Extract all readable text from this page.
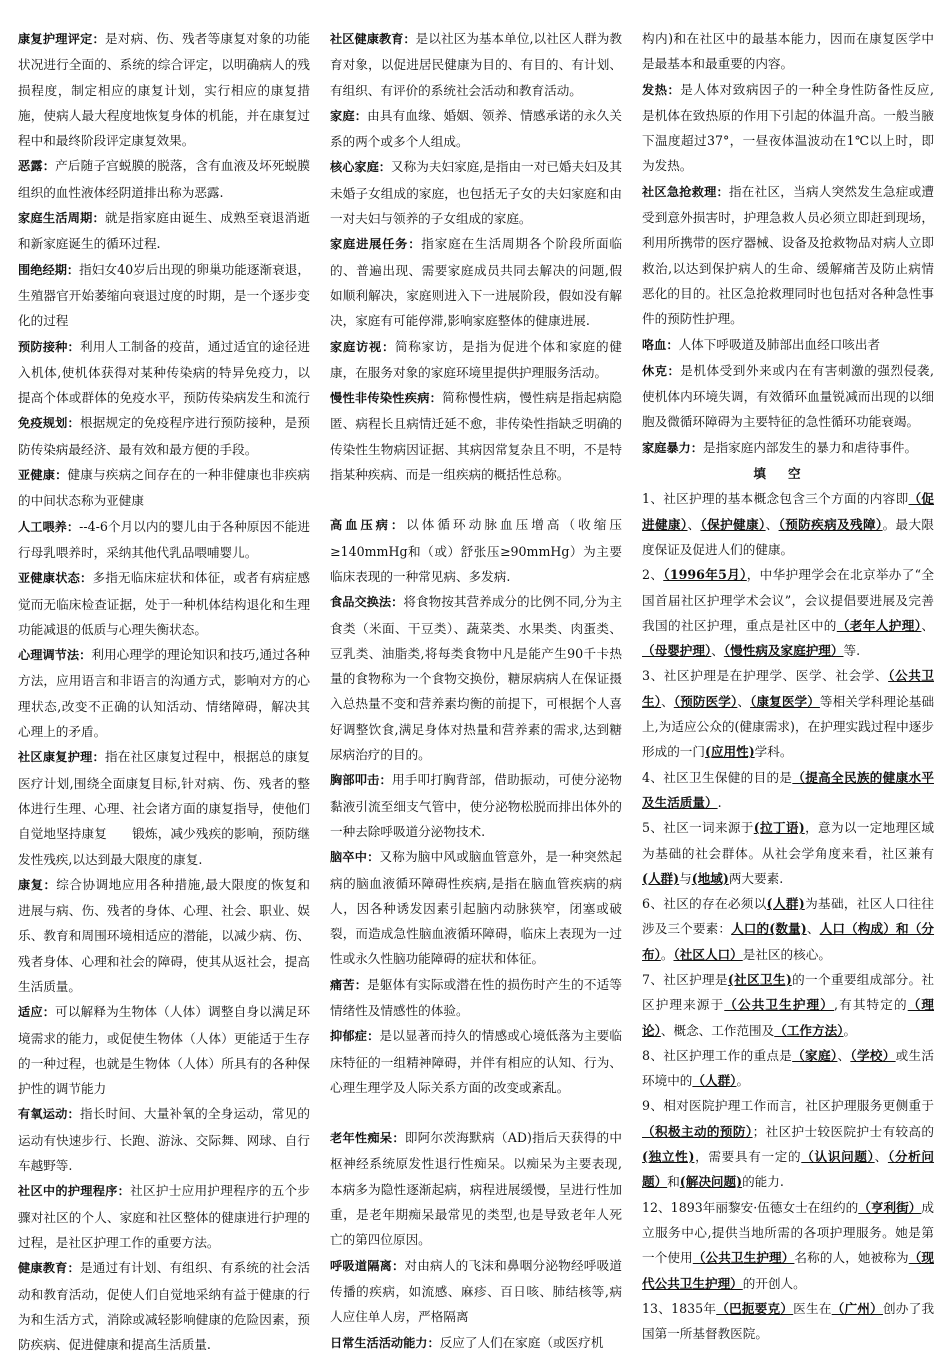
康复护理评定：是对病、伤、残者等康复对象的功能状况进行全面的、系统的综合评定，以明确病人的残损程度，制定相应的康复计划，实行相应的康复措施，使病人最大程度地恢复身体的机能，并在康复过程中和最终阶段评定康复效果。

恶露：产后随子宫蜕膜的脱落，含有血液及坏死蜕膜组织的血性液体经阴道排出称为恶露.

家庭生活周期：就是指家庭由诞生、成熟至衰退消逝和新家庭诞生的循环过程.

围绝经期：指妇女40岁后出现的卵巢功能逐渐衰退，生殖器官开始萎缩向衰退过度的时期，是一个逐步变化的过程

预防接种：利用人工制备的疫苗，通过适宜的途径进入机体,使机体获得对某种传染病的特异免疫力，以提高个体或群体的免疫水平，预防传染病发生和流行免疫规划：根据规定的免疫程序进行预防接种，是预防传染病最经济、最有效和最方便的手段。

亚健康：健康与疾病之间存在的一种非健康也非疾病的中间状态称为亚健康

人工喂养：--4-6个月以内的婴儿由于各种原因不能进行母乳喂养时，采纳其他代乳品喂哺婴儿。

亚健康状态：多指无临床症状和体征，或者有病症感觉而无临床检查证据，处于一种机体结构退化和生理功能减退的低质与心理失衡状态。

心理调节法：利用心理学的理论知识和技巧,通过各种方法，应用语言和非语言的沟通方式，影响对方的心理状态,改变不正确的认知活动、情绪障碍，解决其心理上的矛盾。

社区康复护理：指在社区康复过程中，根据总的康复医疗计划,围绕全面康复目标,针对病、伤、残者的整体进行生理、心理、社会诸方面的康复指导，使他们自觉地坚持康复　　锻炼，减少残疾的影响，预防继发性残疾,以达到最大限度的康复.

康复：综合协调地应用各种措施,最大限度的恢复和进展与病、伤、残者的身体、心理、社会、职业、娱乐、教育和周围环境相适应的潜能，以减少病、伤、残者身体、心理和社会的障碍，使其从返社会，提高生活质量。

适应：可以解释为生物体（人体）调整自身以满足环境需求的能力，或促使生物体（人体）更能适于生存的一种过程，也就是生物体（人体）所具有的各种保护性的调节能力

有氧运动：指长时间、大量补氧的全身运动，常见的运动有快速步行、长跑、游泳、交际舞、网球、自行车越野等.

社区中的护理程序：社区护士应用护理程序的五个步骤对社区的个人、家庭和社区整体的健康进行护理的过程，是社区护理工作的重要方法。

健康教育：是通过有计划、有组织、有系统的社会活动和教育活动，促使人们自觉地采纳有益于健康的行为和生活方式，消除或减轻影响健康的危险因素，预防疾病、促进健康和提高生活质量.

社区健康教育：是以社区为基本单位,以社区人群为教育对象，以促进居民健康为目的、有目的、有计划、有组织、有评价的系统社会活动和教育活动。

家庭：由具有血缘、婚姻、领养、情感承诺的永久关系的两个或多个人组成。

核心家庭：又称为夫妇家庭,是指由一对已婚夫妇及其未婚子女组成的家庭，也包括无子女的夫妇家庭和由一对夫妇与领养的子女组成的家庭。

家庭进展任务：指家庭在生活周期各个阶段所面临的、普遍出现、需要家庭成员共同去解决的问题,假如顺利解决，家庭则进入下一进展阶段，假如没有解决，家庭有可能停滞,影响家庭整体的健康进展.

家庭访视：简称家访，是指为促进个体和家庭的健康，在服务对象的家庭环境里提供护理服务活动。

慢性非传染性疾病：简称慢性病，慢性病是指起病隐匿、病程长且病情迁延不愈，非传染性指缺乏明确的传染性生物病因证据、其病因常复杂且不明，不是特指某种疾病、而是一组疾病的概括性总称。

高血压病：以体循环动脉血压增高（收缩压≥140mmHg和（或）舒张压≥90mmHg）为主要临床表现的一种常见病、多发病.

食品交换法：将食物按其营养成分的比例不同,分为主食类（米面、干豆类）、蔬菜类、水果类、肉蛋类、豆乳类、油脂类,将每类食物中凡是能产生90千卡热量的食物称为一个食物交换份，糖尿病病人在保证摄入总热量不变和营养素均衡的前提下，可根据个人喜好调整饮食,满足身体对热量和营养素的需求,达到糖尿病治疗的目的。

胸部叩击：用手叩打胸背部，借助振动，可使分泌物黏液引流至细支气管中，使分泌物松脱而排出体外的一种去除呼吸道分泌物技术.

脑卒中：又称为脑中风或脑血管意外，是一种突然起病的脑血液循环障碍性疾病,是指在脑血管疾病的病人，因各种诱发因素引起脑内动脉狭窄，闭塞或破裂，而造成急性脑血液循环障碍，临床上表现为一过性或永久性脑功能障碍的症状和体征。

痛苦：是躯体有实际或潜在性的损伤时产生的不适等情绪性及情感性的体验。

抑郁症：是以显著而持久的情感或心境低落为主要临床特征的一组精神障碍，并伴有相应的认知、行为、心理生理学及人际关系方面的改变或紊乱。

老年性痴呆：即阿尔茨海默病（AD)指后天获得的中枢神经系统原发性退行性痴呆。以痴呆为主要表现,本病多为隐性逐渐起病，病程进展缓慢，呈进行性加重，是老年期痴呆最常见的类型,也是导致老年人死亡的第四位原因。

呼吸道隔离：对由病人的飞沫和鼻咽分泌物经呼吸道传播的疾病，如流感、麻疹、百日咳、肺结核等,病人应住单人房，严格隔离

日常生活活动能力：反应了人们在家庭（或医疗机

构内)和在社区中的最基本能力，因而在康复医学中是最基本和最重要的内容。

发热：是人体对致病因子的一种全身性防备性反应,是机体在致热原的作用下引起的体温升高。一般当腋下温度超过37°，一昼夜体温波动在1℃以上时，即为发热。

社区急抢救理：指在社区，当病人突然发生急症或遭受到意外损害时，护理急救人员必须立即赶到现场，利用所携带的医疗器械、设备及抢救物品对病人立即救治,以达到保护病人的生命、缓解痛苦及防止病情恶化的目的。社区急抢救理同时也包括对各种急性事件的预防性护理。

咯血：人体下呼吸道及肺部出血经口咳出者

休克：是机体受到外来或内在有害刺激的强烈侵袭,使机体内环境失调，有效循环血量锐减而出现的以细胞及微循环障碍为主要特征的急性循环功能衰竭。

家庭暴力：是指家庭内部发生的暴力和虐待事件。

填空

1、社区护理的基本概念包含三个方面的内容即（促进健康）、（保护健康）、（预防疾病及残障）。最大限度保证及促进人们的健康。

2、（1996年5月），中华护理学会在北京举办了“全国首届社区护理学术会议”，会议提倡要进展及完善我国的社区护理，重点是社区中的（老年人护理）、（母婴护理）、（慢性病及家庭护理）等.

3、社区护理是在护理学、医学、社会学、（公共卫生）、（预防医学）、（康复医学）等相关学科理论基础上,为适应公众的(健康需求)，在护理实践过程中逐步形成的一门(应用性)学科。

4、社区卫生保健的目的是（提高全民族的健康水平及生活质量）.

5、社区一词来源于(拉丁语)，意为以一定地理区域为基础的社会群体。从社会学角度来看，社区兼有(人群)与(地域)两大要素.

6、社区的存在必须以(人群)为基础，社区人口往往涉及三个要素：人口的(数量)、人口（构成）和（分布）。（社区人口）是社区的核心。

7、社区护理是(社区卫生)的一个重要组成部分。社区护理来源于（公共卫生护理）,有其特定的（理论）、概念、工作范围及（工作方法）。

8、社区护理工作的重点是（家庭）、（学校）或生活环境中的（人群）。

9、相对医院护理工作而言，社区护理服务更侧重于（积极主动的预防）；社区护士较医院护士有较高的(独立性)，需要具有一定的（认识问题）、（分析问题）和(解决问题)的能力.

12、1893年丽黎安·伍德女士在纽约的（亨利街）成立服务中心,提供当地所需的各项护理服务。她是第一个使用（公共卫生护理）名称的人，她被称为（现代公共卫生护理）的开创人。

13、1835年（巴扼要克）医生在（广州）创办了我国第一所基督教医院。
